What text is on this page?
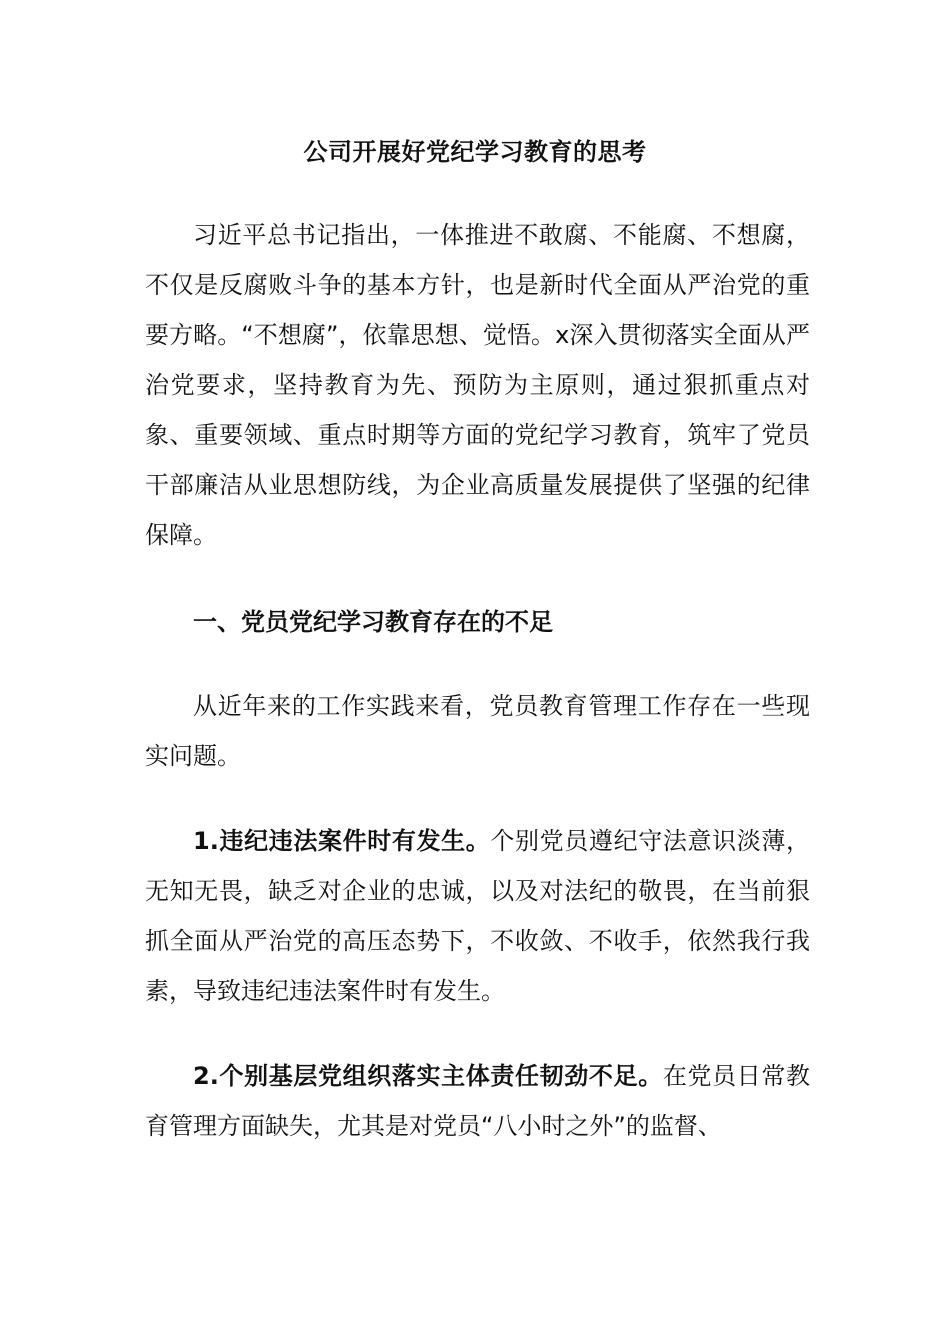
公司开展好党纪学习教育的思考
习近平总书记指出，一体推进不敢腐、不能腐、不想腐，不仅是反腐败斗争的基本方针，也是新时代全面从严治党的重要方略。“不想腐”，依靠思想、觉悟。x深入贯彻落实全面从严治党要求，坚持教育为先、预防为主原则，通过狠抓重点对象、重要领域、重点时期等方面的党纪学习教育，筑牢了党员干部廉洁从业思想防线，为企业高质量发展提供了坚强的纪律保障。
一、党员党纪学习教育存在的不足
从近年来的工作实践来看，党员教育管理工作存在一些现实问题。
1.违纪违法案件时有发生。个别党员遵纪守法意识淡薄，无知无畏，缺乏对企业的忠诚，以及对法纪的敬畏，在当前狠抓全面从严治党的高压态势下，不收敛、不收手，依然我行我素，导致违纪违法案件时有发生。
2.个别基层党组织落实主体责任韧劲不足。在党员日常教育管理方面缺失，尤其是对党员“八小时之外”的监督、
